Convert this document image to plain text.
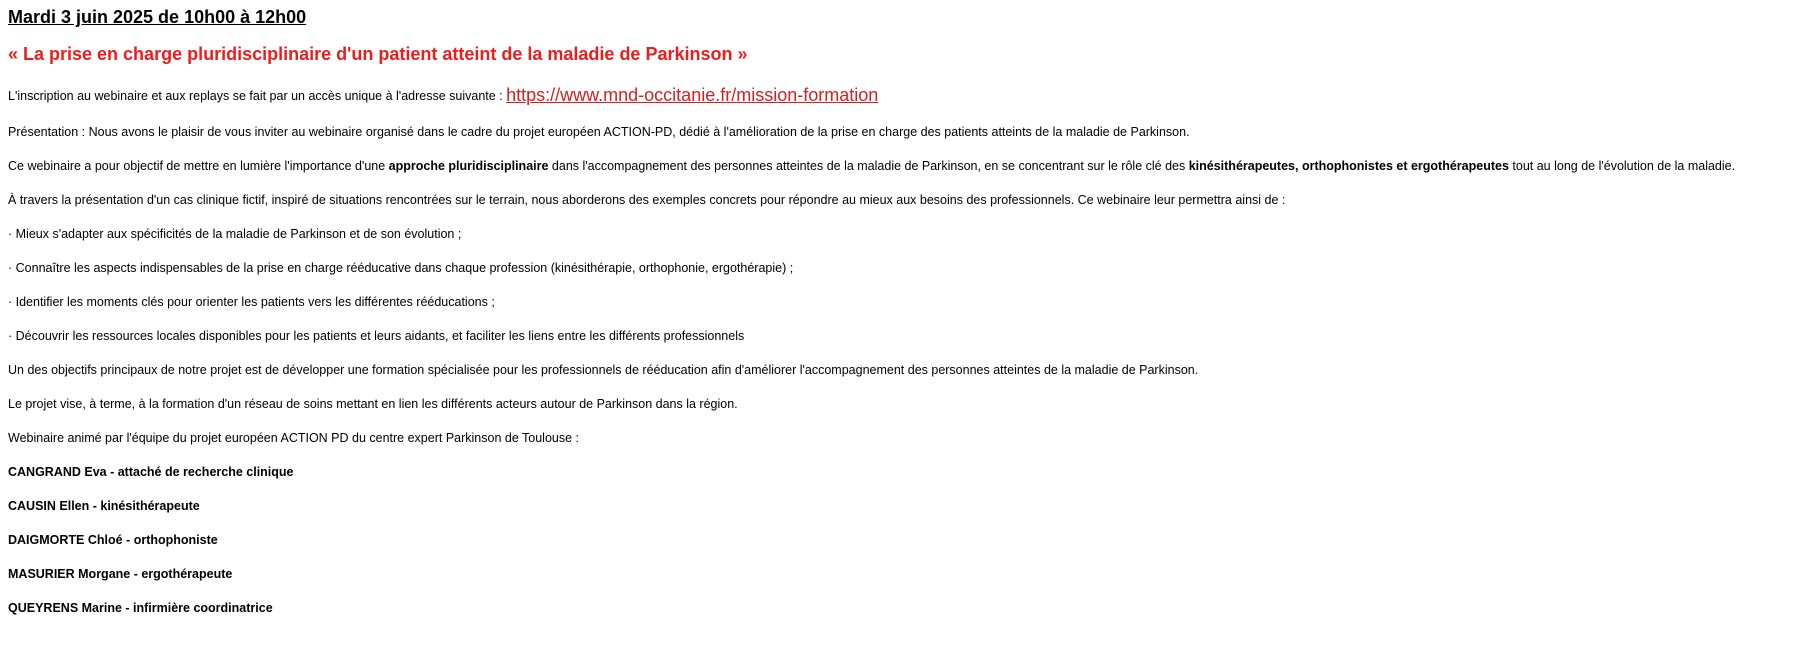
Mardi 3 juin 2025 de 10h00 à 12h00
« La prise en charge pluridisciplinaire d'un patient atteint de la maladie de Parkinson »
L'inscription au webinaire et aux replays se fait par un accès unique à l'adresse suivante : https://www.mnd-occitanie.fr/mission-formation
Présentation : Nous avons le plaisir de vous inviter au webinaire organisé dans le cadre du projet européen ACTION-PD, dédié à l'amélioration de la prise en charge des patients atteints de la maladie de Parkinson.
Ce webinaire a pour objectif de mettre en lumière l'importance d'une approche pluridisciplinaire dans l'accompagnement des personnes atteintes de la maladie de Parkinson, en se concentrant sur le rôle clé des kinésithérapeutes, orthophonistes et ergothérapeutes tout au long de l'évolution de la maladie.
À travers la présentation d'un cas clinique fictif, inspiré de situations rencontrées sur le terrain, nous aborderons des exemples concrets pour répondre au mieux aux besoins des professionnels. Ce webinaire leur permettra ainsi de :
· Mieux s'adapter aux spécificités de la maladie de Parkinson et de son évolution ;
· Connaître les aspects indispensables de la prise en charge rééducative dans chaque profession (kinésithérapie, orthophonie, ergothérapie) ;
· Identifier les moments clés pour orienter les patients vers les différentes rééducations ;
· Découvrir les ressources locales disponibles pour les patients et leurs aidants, et faciliter les liens entre les différents professionnels
Un des objectifs principaux de notre projet est de développer une formation spécialisée pour les professionnels de rééducation afin d'améliorer l'accompagnement des personnes atteintes de la maladie de Parkinson.
Le projet vise, à terme, à la formation d'un réseau de soins mettant en lien les différents acteurs autour de Parkinson dans la région.
Webinaire animé par l'équipe du projet européen ACTION PD du centre expert Parkinson de Toulouse :
CANGRAND Eva - attaché de recherche clinique
CAUSIN Ellen - kinésithérapeute
DAIGMORTE Chloé - orthophoniste
MASURIER Morgane - ergothérapeute
QUEYRENS Marine - infirmière coordinatrice
